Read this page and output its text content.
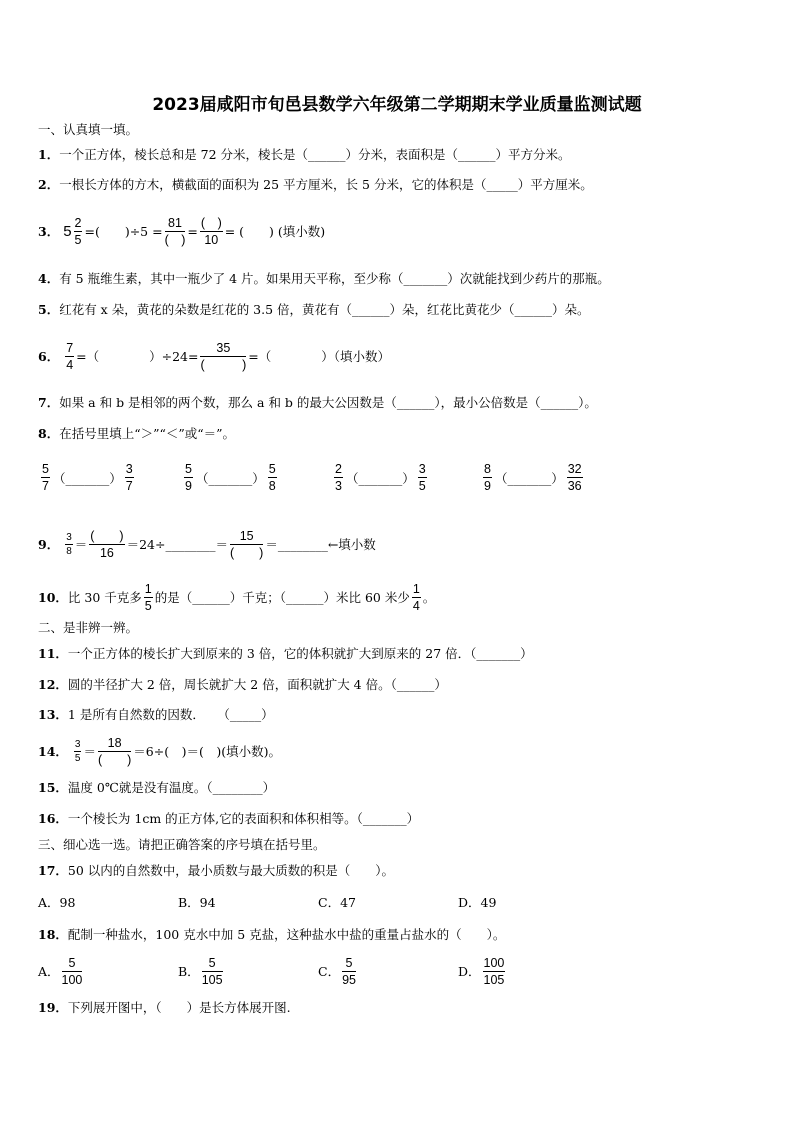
2023届咸阳市旬邑县数学六年级第二学期期末学业质量监测试题
一、认真填一填。
1．一个正方体，棱长总和是 72 分米，棱长是（______）分米，表面积是（______）平方分米。
2．一根长方体的方木，横截面的面积为 25 平方厘米，长 5 分米，它的体积是（_____）平方厘米。
3． $5 \frac{2}{5}$ =(　　)$\div 5 = \frac{81}{( )} = \frac{( )}{10}$ = (　　) (填小数)
4．有 5 瓶维生素，其中一瓶少了 4 片。如果用天平称，至少称（_______）次就能找到少药片的那瓶。
5．红花有 x 朵，黄花的朵数是红花的 3.5 倍，黄花有（______）朵，红花比黄花少（______）朵。
6． $\frac{7}{4}$ =（　　　　）$\div 24= \frac{35}{( )}$ =（　　　　）（填小数）
7．如果 a 和 b 是相邻的两个数，那么 a 和 b 的最大公因数是（______），最小公倍数是（______）。
8．在括号里填上“＞”“＜”或“＝”。
$\frac{5}{7}$ （_______） $\frac{3}{7}$	$\frac{5}{9}$ （_______） $\frac{5}{8}$	$\frac{2}{3}$ （_______） $\frac{3}{5}$	$\frac{8}{9}$ （_______） $\frac{32}{36}$
9． $\frac{3}{8} = \frac{( )}{16}$ ＝24÷________＝ $\frac{15}{( )}$ ＝________←填小数
10．比 30 千克多 $\frac{1}{5}$ 的是（______）千克；（______）米比 60 米少 $\frac{1}{4}$ 。
二、是非辨一辨。
11．一个正方体的棱长扩大到原来的 3 倍，它的体积就扩大到原来的 27 倍．（_______）
12．圆的半径扩大 2 倍，周长就扩大 2 倍，面积就扩大 4 倍。（______）
13．1 是所有自然数的因数．　　（_____）
14． $\frac{3}{5} = \frac{18}{( )} =6\div$(　)＝(　)(填小数)。
15．温度 0℃就是没有温度。（________）
16．一个棱长为 1cm 的正方体,它的表面积和体积相等。（_______）
三、细心选一选。请把正确答案的序号填在括号里。
17．50 以内的自然数中，最小质数与最大质数的积是（　　）。
A．98	B．94	C．47	D．49
18．配制一种盐水，100 克水中加 5 克盐，这种盐水中盐的重量占盐水的（　　）。
A． $\frac{5}{100}$	B． $\frac{5}{105}$	C． $\frac{5}{95}$	D． $\frac{100}{105}$
19．下列展开图中，（　　）是长方体展开图.
